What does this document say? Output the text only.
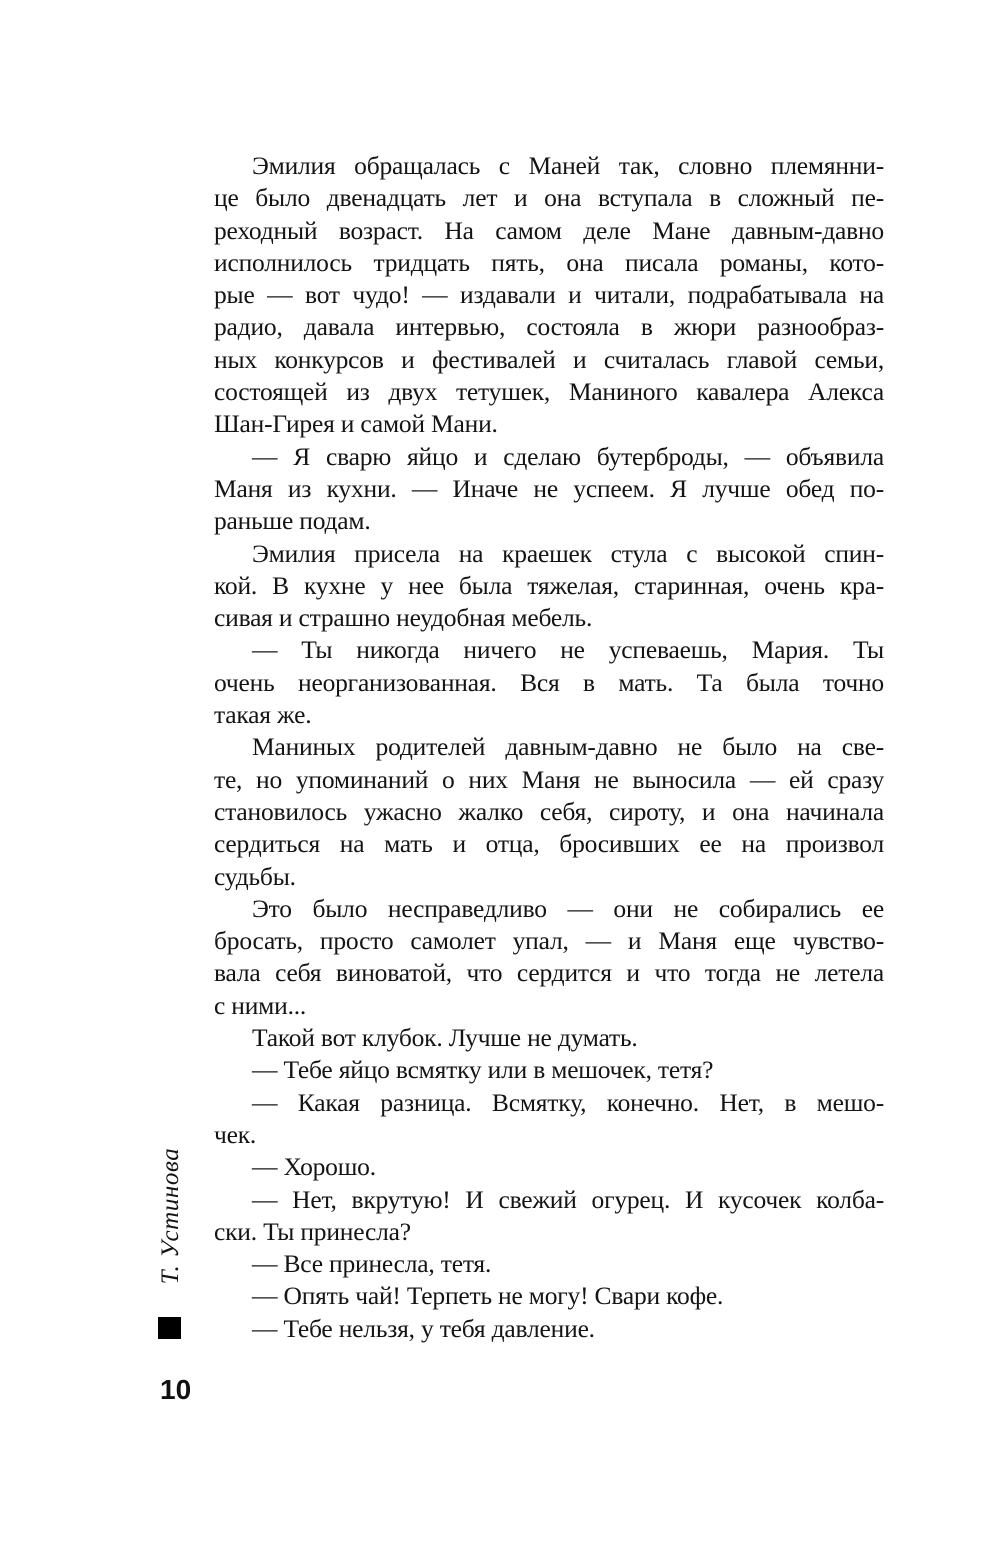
Эмилия обращалась с Маней так, словно племянни-
це было двенадцать лет и она вступала в сложный пе-
реходный возраст. На самом деле Мане давным-давно
исполнилось тридцать пять, она писала романы, кото-
рые — вот чудо! — издавали и читали, подрабатывала на
радио, давала интервью, состояла в жюри разнообраз-
ных конкурсов и фестивалей и считалась главой семьи,
состоящей из двух тетушек, Маниного кавалера Алекса
Шан-Гирея и самой Мани.
— Я сварю яйцо и сделаю бутерброды, — объявила
Маня из кухни. — Иначе не успеем. Я лучше обед по-
раньше подам.
Эмилия присела на краешек стула с высокой спин-
кой. В кухне у нее была тяжелая, старинная, очень кра-
сивая и страшно неудобная мебель.
— Ты никогда ничего не успеваешь, Мария. Ты
очень неорганизованная. Вся в мать. Та была точно
такая же.
Маниных родителей давным-давно не было на све-
те, но упоминаний о них Маня не выносила — ей сразу
становилось ужасно жалко себя, сироту, и она начинала
сердиться на мать и отца, бросивших ее на произвол
судьбы.
Это было несправедливо — они не собирались ее
бросать, просто самолет упал, — и Маня еще чувство-
вала себя виноватой, что сердится и что тогда не летела
с ними...
Такой вот клубок. Лучше не думать.
— Тебе яйцо всмятку или в мешочек, тетя?
— Какая разница. Всмятку, конечно. Нет, в мешо-
чек.
— Хорошо.
— Нет, вкрутую! И свежий огурец. И кусочек колба-
ски. Ты принесла?
— Все принесла, тетя.
— Опять чай! Терпеть не могу! Свари кофе.
— Тебе нельзя, у тебя давление.
Т. Устинова
10
